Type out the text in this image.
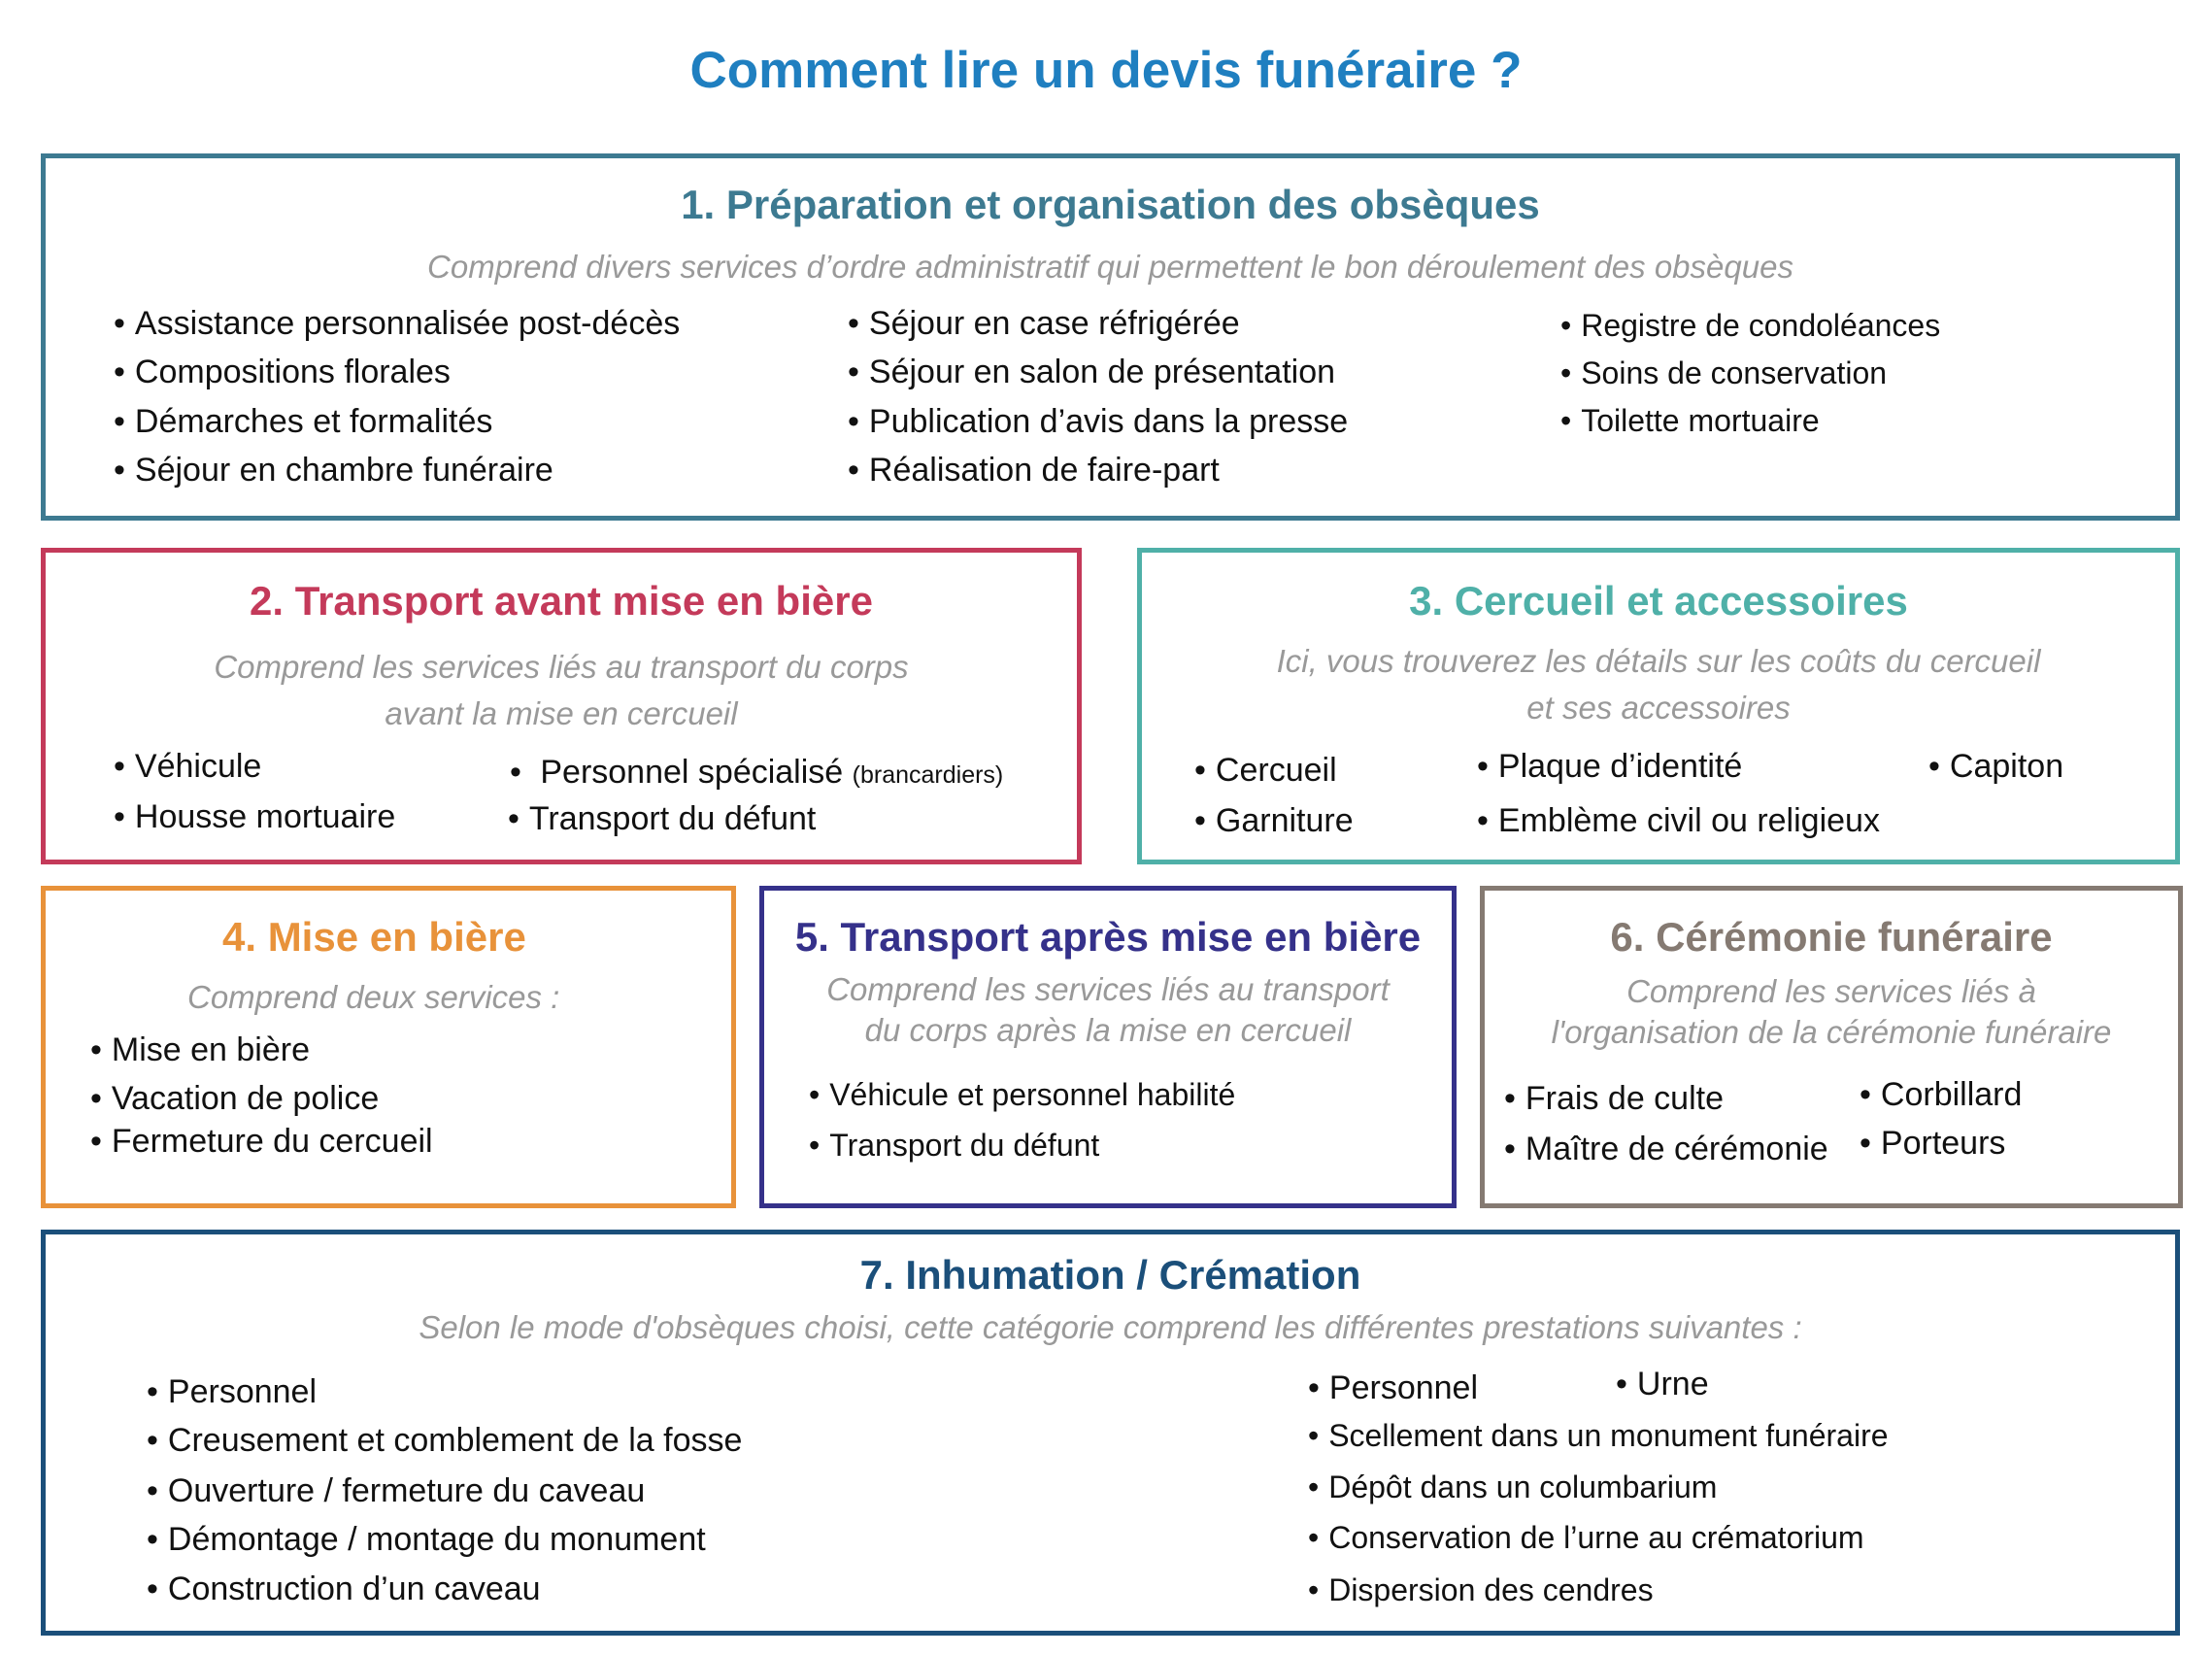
Comment lire un devis funéraire ?
1. Préparation et organisation des obsèques

Comprend divers services d’ordre administratif qui permettent le bon déroulement des obsèques

• Assistance personnalisée post-décès

• Compositions florales

• Démarches et formalités

• Séjour en chambre funéraire

• Séjour en case réfrigérée

• Séjour en salon de présentation

• Publication d’avis dans la presse

• Réalisation de faire-part

• Registre de condoléances

• Soins de conservation

• Toilette mortuaire

2. Transport avant mise en bière

Comprend les services liés au transport du corps

avant la mise en cercueil

• Véhicule

• Housse mortuaire

• Personnel spécialisé (brancardiers)

• Transport du défunt

3. Cercueil et accessoires

Ici, vous trouverez les détails sur les coûts du cercueil

et ses accessoires

• Cercueil

• Garniture

• Plaque d’identité

• Emblème civil ou religieux

• Capiton

4. Mise en bière

Comprend deux services :

• Mise en bière

• Vacation de police

• Fermeture du cercueil

5. Transport après mise en bière

Comprend les services liés au transport

du corps après la mise en cercueil

• Véhicule et personnel habilité

• Transport du défunt

6. Cérémonie funéraire

Comprend les services liés à

l'organisation de la cérémonie funéraire

• Frais de culte

• Maître de cérémonie

• Corbillard

• Porteurs

7. Inhumation / Crémation

Selon le mode d'obsèques choisi, cette catégorie comprend les différentes prestations suivantes :

• Personnel

• Creusement et comblement de la fosse

• Ouverture / fermeture du caveau

• Démontage / montage du monument

• Construction d’un caveau

• Personnel

•	Urne

• Scellement dans un monument funéraire

• Dépôt dans un columbarium

• Conservation de l’urne au crématorium

• Dispersion des cendres
